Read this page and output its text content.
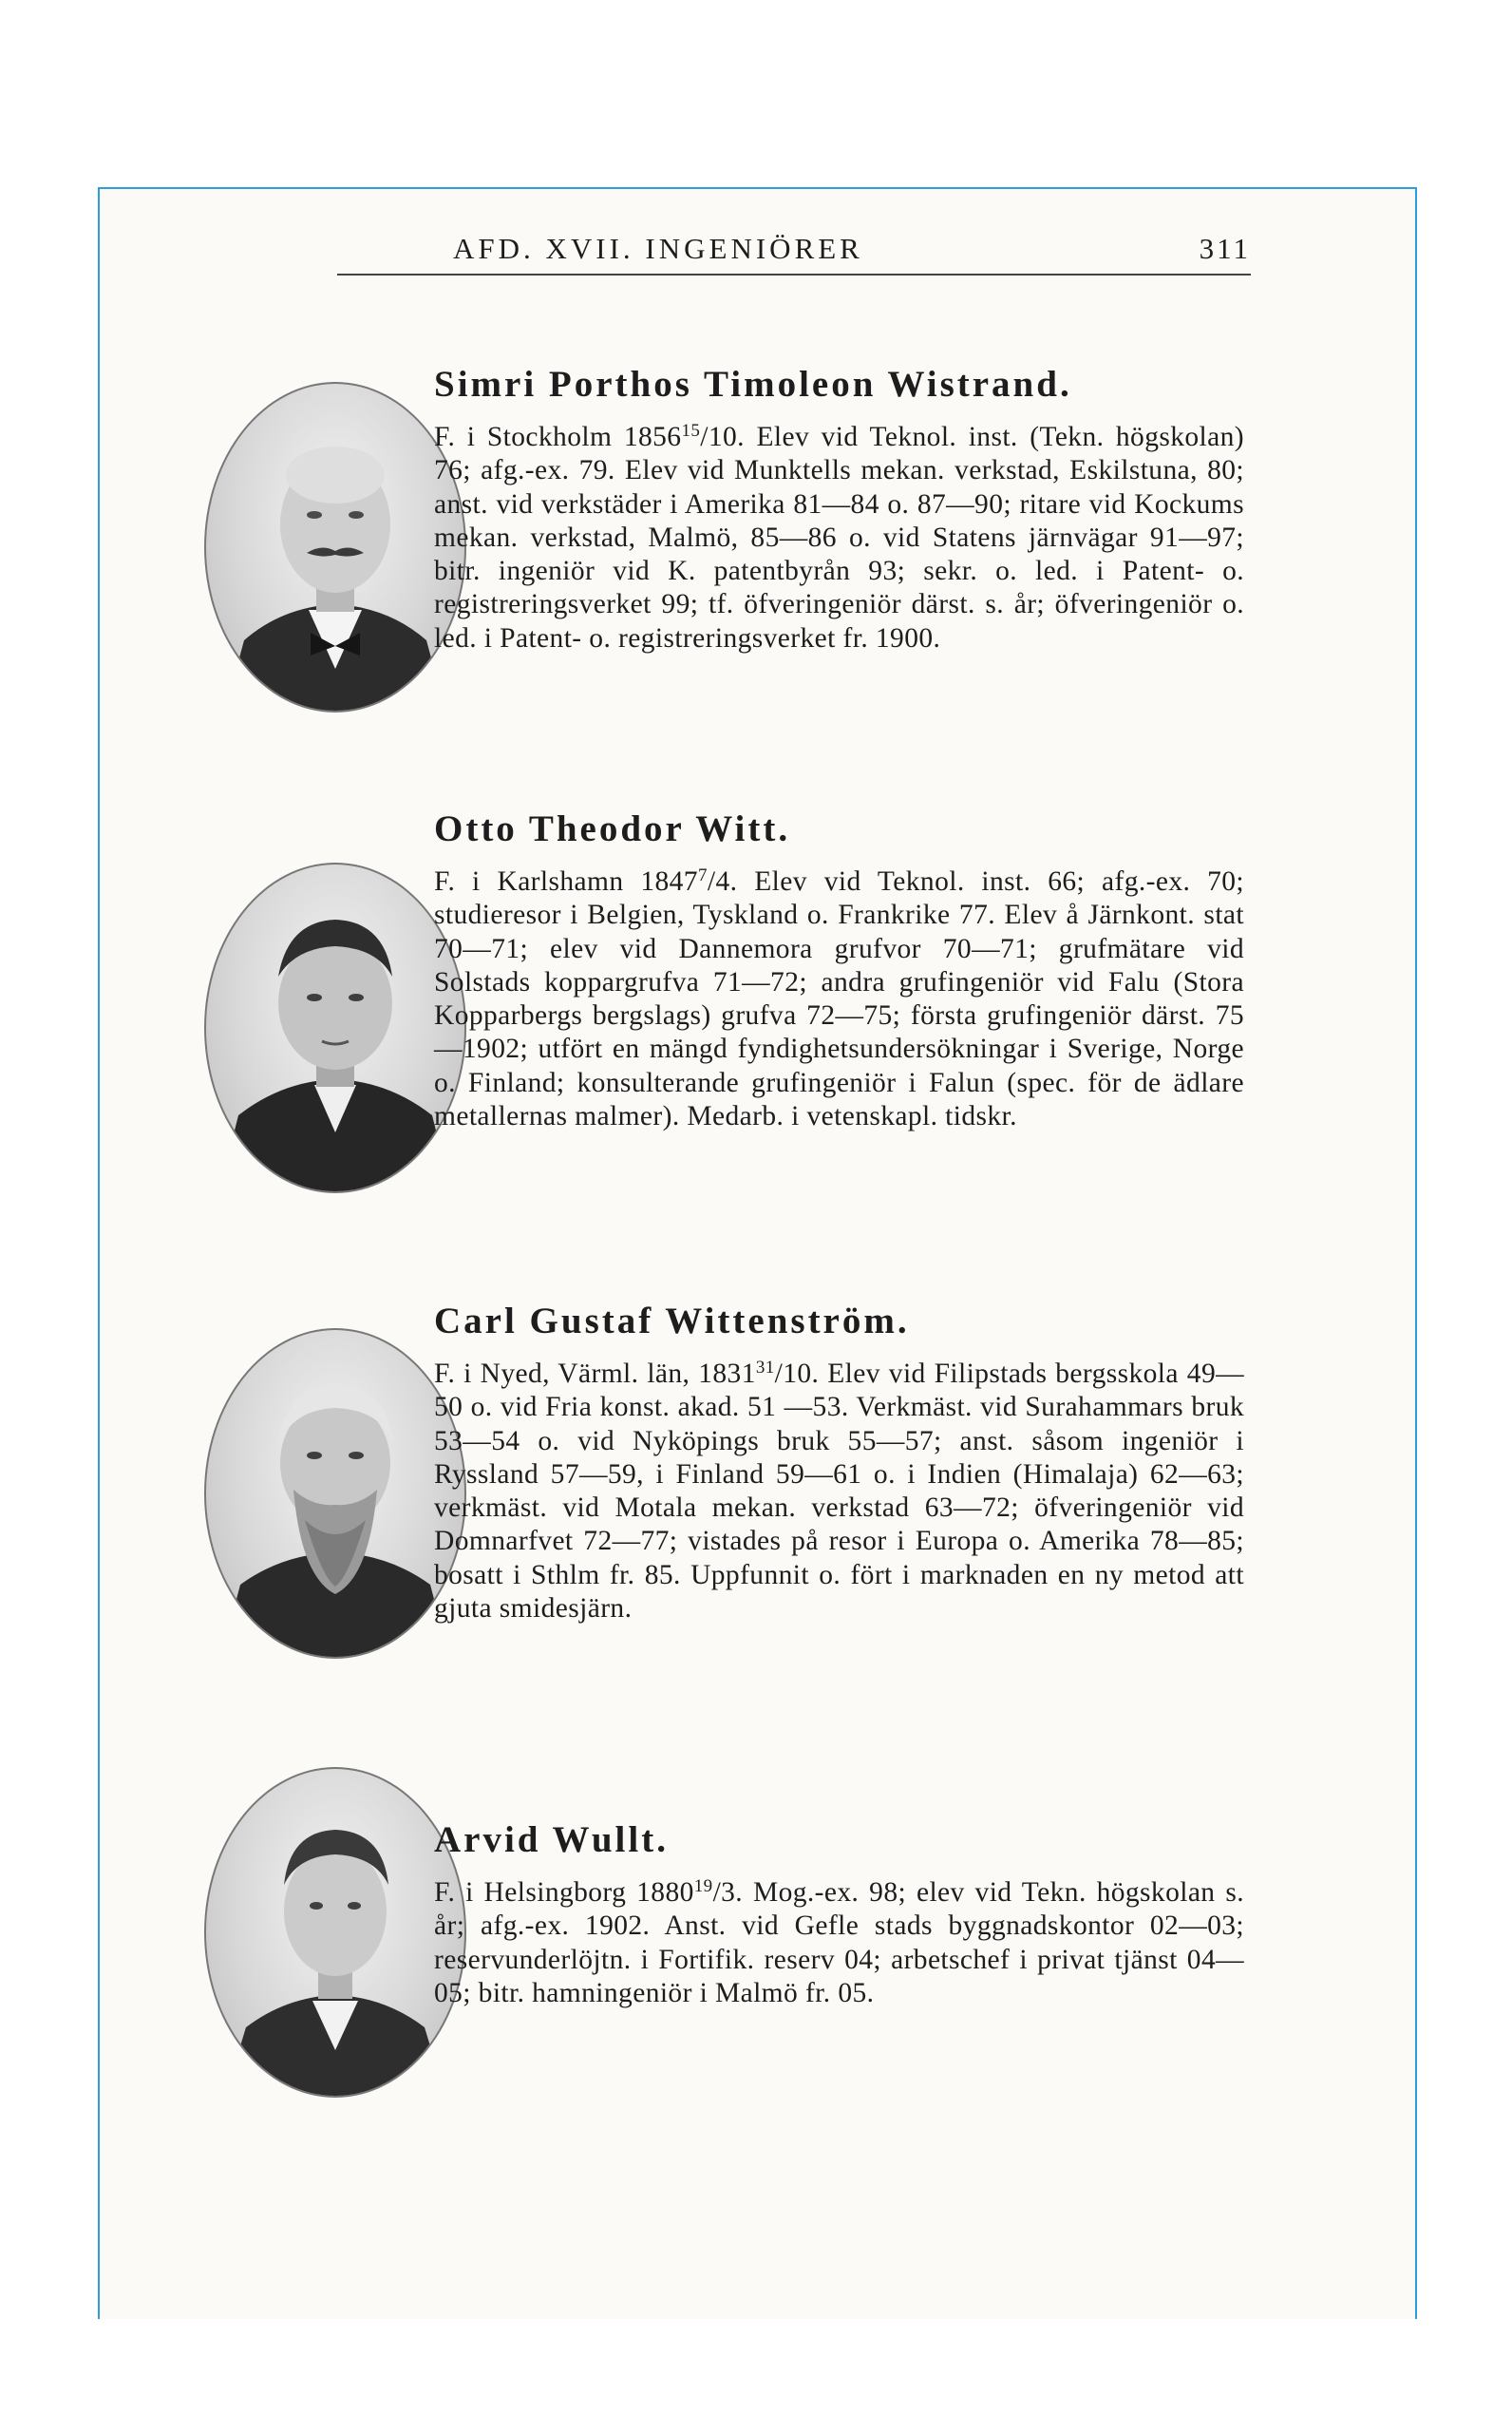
AFD. XVII. INGENIÖRER	311
Simri Porthos Timoleon Wistrand.

F. i Stockholm 1856$^{15}$/10. Elev vid Teknol. inst. (Tekn. högskolan) 76; afg.-ex. 79. Elev vid Munktells mekan. verkstad, Eskilstuna, 80; anst. vid verkstäder i Amerika 81—84 o. 87—90; ritare vid Kockums mekan. verkstad, Malmö, 85—86 o. vid Statens järnvägar 91—97; bitr. ingeniör vid K. patentbyrån 93; sekr. o. led. i Patent- o. registreringsverket 99; tf. öfveringeniör därst. s. år; öfveringeniör o. led. i Patent- o. registreringsverket fr. 1900.

Otto Theodor Witt.

F. i Karlshamn 1847$^7$/4. Elev vid Teknol. inst. 66; afg.-ex. 70; studieresor i Belgien, Tyskland o. Frankrike 77. Elev å Järnkont. stat 70—71; elev vid Dannemora grufvor 70—71; grufmätare vid Solstads koppargrufva 71—72; andra grufingeniör vid Falu (Stora Kopparbergs bergslags) grufva 72—75; första grufingeniör därst. 75—1902; utfört en mängd fyndighetsundersökningar i Sverige, Norge o. Finland; konsulterande grufingeniör i Falun (spec. för de ädlare metallernas malmer). Medarb. i vetenskapl. tidskr.

Carl Gustaf Wittenström.

F. i Nyed, Värml. län, 1831$^{31}$/10. Elev vid Filipstads bergsskola 49—50 o. vid Fria konst. akad. 51 —53. Verkmäst. vid Surahammars bruk 53—54 o. vid Nyköpings bruk 55—57; anst. såsom ingeniör i Ryssland 57—59, i Finland 59—61 o. i Indien (Himalaja) 62—63; verkmäst. vid Motala mekan. verkstad 63—72; öfveringeniör vid Domnarfvet 72—77; vistades på resor i Europa o. Amerika 78—85; bosatt i Sthlm fr. 85. Uppfunnit o. fört i marknaden en ny metod att gjuta smidesjärn.

Arvid Wullt.

F. i Helsingborg 1880$^{19}$/3. Mog.-ex. 98; elev vid Tekn. högskolan s. år; afg.-ex. 1902. Anst. vid Gefle stads byggnadskontor 02—03; reservunderlöjtn. i Fortifik. reserv 04; arbetschef i privat tjänst 04—05; bitr. hamningeniör i Malmö fr. 05.
